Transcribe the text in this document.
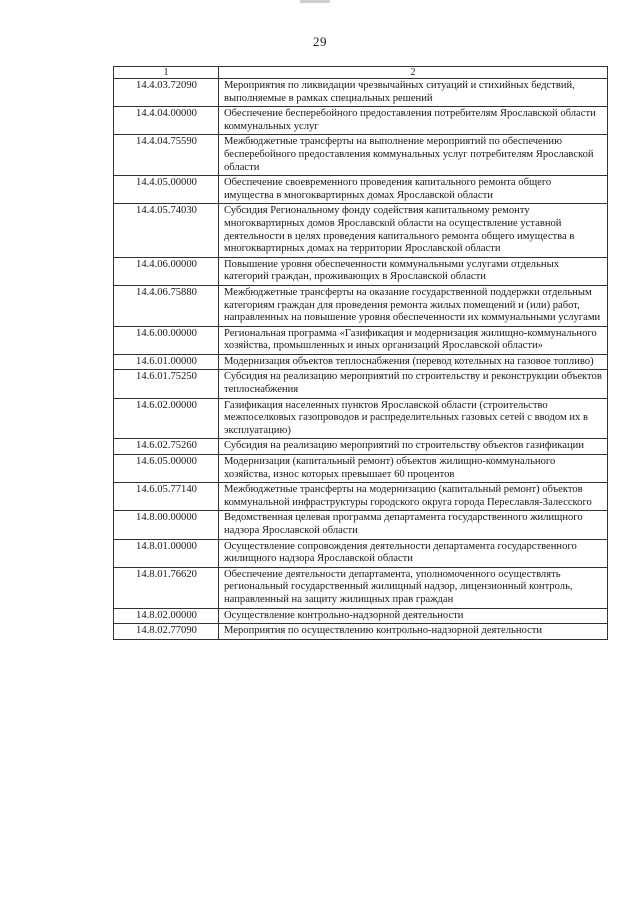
29
1	2
14.4.03.72090	Мероприятия по ликвидации чрезвычайных ситуаций и стихийных бедствий, выполняемые в рамках специальных решений
14.4.04.00000	Обеспечение бесперебойного предоставления потребителям Ярославской области коммунальных услуг
14.4.04.75590	Межбюджетные трансферты на выполнение мероприятий по обеспечению бесперебойного предоставления коммунальных услуг потребителям Ярославской области
14.4.05.00000	Обеспечение своевременного проведения капитального ремонта общего имущества в многоквартирных домах Ярославской области
14.4.05.74030	Субсидия Региональному фонду содействия капитальному ремонту многоквартирных домов Ярославской области на осуществление уставной деятельности в целях проведения капитального ремонта общего имущества в многоквартирных домах на территории Ярославской области
14.4.06.00000	Повышение уровня обеспеченности коммунальными услугами отдельных категорий граждан, проживающих в Ярославской области
14.4.06.75880	Межбюджетные трансферты на оказание государственной поддержки отдельным категориям граждан для проведения ремонта жилых помещений и (или) работ, направленных на повышение уровня обеспеченности их коммунальными услугами
14.6.00.00000	Региональная программа «Газификация и модернизация жилищно-коммунального хозяйства, промышленных и иных организаций Ярославской области»
14.6.01.00000	Модернизация объектов теплоснабжения (перевод котельных на газовое топливо)
14.6.01.75250	Субсидия на реализацию мероприятий по строительству и реконструкции объектов теплоснабжения
14.6.02.00000	Газификация населенных пунктов Ярославской области (строительство межпоселковых газопроводов и распределительных газовых сетей с вводом их в эксплуатацию)
14.6.02.75260	Субсидия на реализацию мероприятий по строительству объектов газификации
14.6.05.00000	Модернизация (капитальный ремонт) объектов жилищно-коммунального хозяйства, износ которых превышает 60 процентов
14.6.05.77140	Межбюджетные трансферты на модернизацию (капитальный ремонт) объектов коммунальной инфраструктуры городского округа города Переславля-Залесского
14.8.00.00000	Ведомственная целевая программа департамента государственного жилищного надзора Ярославской области
14.8.01.00000	Осуществление сопровождения деятельности департамента государственного жилищного надзора Ярославской области
14.8.01.76620	Обеспечение деятельности департамента, уполномоченного осуществлять региональный государственный жилищный надзор, лицензионный контроль, направленный на защиту жилищных прав граждан
14.8.02.00000	Осуществление контрольно-надзорной деятельности
14.8.02.77090	Мероприятия по осуществлению контрольно-надзорной деятельности
